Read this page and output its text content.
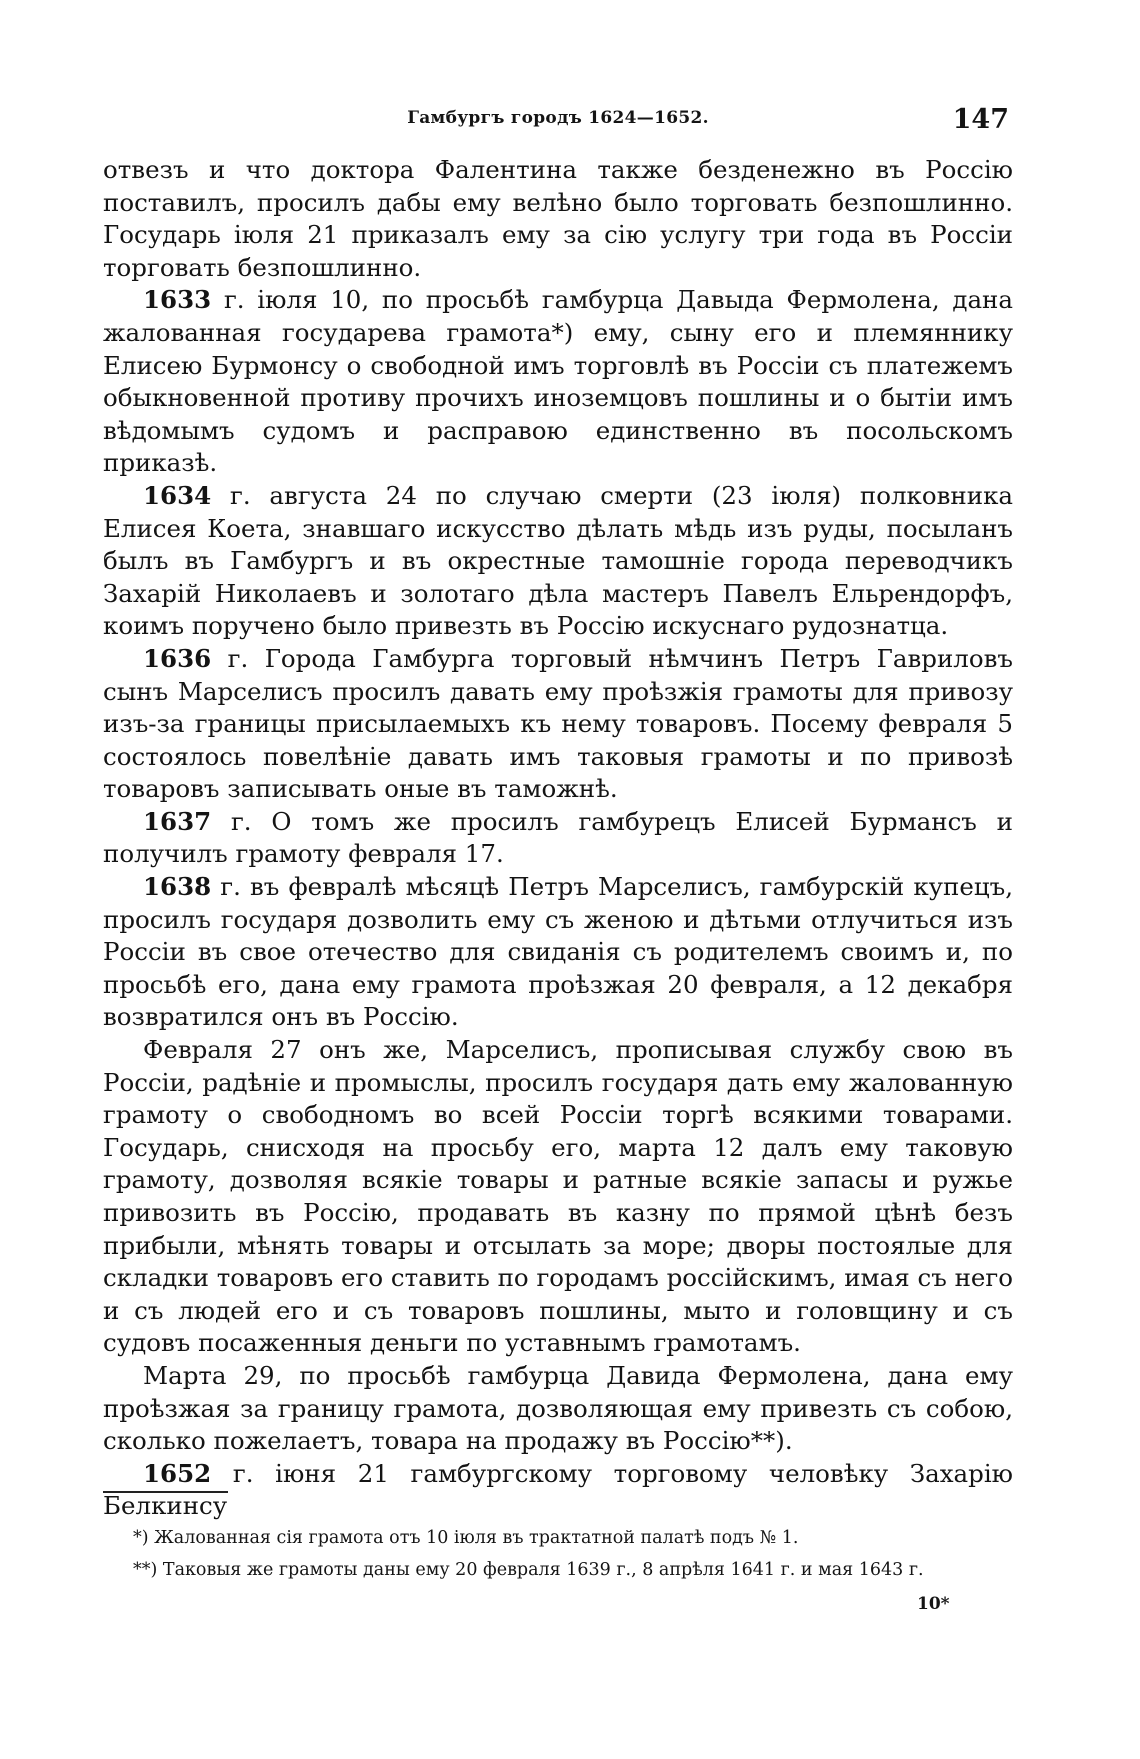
Гамбургъ городъ 1624—1652.	147

отвезъ и что доктора Фалентина также безденежно въ Россію поставилъ, просилъ дабы ему велѣно было торговать безпошлинно. Государь іюля 21 приказалъ ему за сію услугу три года въ Россіи торговать безпошлинно.

1633 г. іюля 10, по просьбѣ гамбурца Давыда Фермолена, дана жалованная государева грамота*) ему, сыну его и племяннику Елисею Бурмонсу о свободной имъ торговлѣ въ Россіи съ платежемъ обыкновенной противу прочихъ иноземцовъ пошлины и о бытіи имъ вѣдомымъ судомъ и расправою единственно въ посольскомъ приказѣ.

1634 г. августа 24 по случаю смерти (23 іюля) полковника Елисея Коета, знавшаго искусство дѣлать мѣдь изъ руды, посыланъ былъ въ Гамбургъ и въ окрестные тамошніе города переводчикъ Захарій Николаевъ и золотаго дѣла мастеръ Павелъ Ельрендорфъ, коимъ поручено было привезть въ Россію искуснаго рудознатца.

1636 г. Города Гамбурга торговый нѣмчинъ Петръ Гавриловъ сынъ Марселисъ просилъ давать ему проѣзжія грамоты для привозу изъ-за границы присылаемыхъ къ нему товаровъ. Посему февраля 5 состоялось повелѣніе давать имъ таковыя грамоты и по привозѣ товаровъ записывать оные въ таможнѣ.

1637 г. О томъ же просилъ гамбурецъ Елисей Бурмансъ и получилъ грамоту февраля 17.

1638 г. въ февралѣ мѣсяцѣ Петръ Марселисъ, гамбурскій купецъ, просилъ государя дозволить ему съ женою и дѣтьми отлучиться изъ Россіи въ свое отечество для свиданія съ родителемъ своимъ и, по просьбѣ его, дана ему грамота проѣзжая 20 февраля, а 12 декабря возвратился онъ въ Россію.

Февраля 27 онъ же, Марселисъ, прописывая службу свою въ Россіи, радѣніе и промыслы, просилъ государя дать ему жалованную грамоту о свободномъ во всей Россіи торгѣ всякими товарами. Государь, снисходя на просьбу его, марта 12 далъ ему таковую грамоту, дозволяя всякіе товары и ратные всякіе запасы и ружье привозить въ Россію, продавать въ казну по прямой цѣнѣ безъ прибыли, мѣнять товары и отсылать за море; дворы постоялые для складки товаровъ его ставить по городамъ россійскимъ, имая съ него и съ людей его и съ товаровъ пошлины, мыто и головщину и съ судовъ посаженныя деньги по уставнымъ грамотамъ.

Марта 29, по просьбѣ гамбурца Давида Фермолена, дана ему проѣзжая за границу грамота, дозволяющая ему привезть съ собою, сколько пожелаетъ, товара на продажу въ Россію**).

1652 г. іюня 21 гамбургскому торговому человѣку Захарію Белкинсу

*) Жалованная сія грамота отъ 10 іюля въ трактатной палатѣ подъ № 1.
**) Таковыя же грамоты даны ему 20 февраля 1639 г., 8 апрѣля 1641 г. и мая 1643 г.
10*
